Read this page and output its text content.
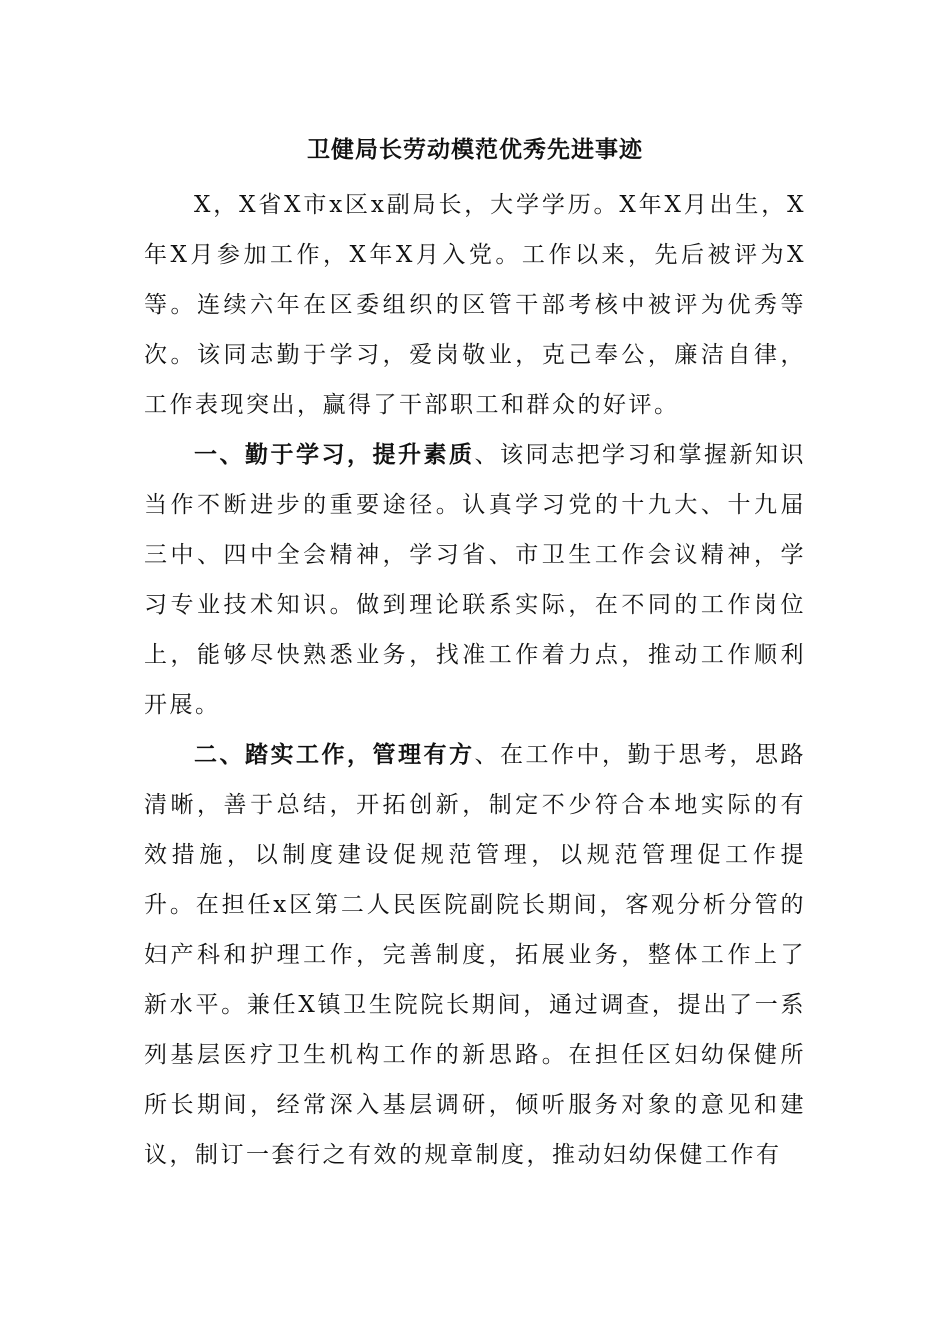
卫健局长劳动模范优秀先进事迹

X，X省X市x区x副局长，大学学历。X年X月出生，X年X月参加工作，X年X月入党。工作以来，先后被评为X等。连续六年在区委组织的区管干部考核中被评为优秀等次。该同志勤于学习，爱岗敬业，克己奉公，廉洁自律，工作表现突出，赢得了干部职工和群众的好评。

一、勤于学习，提升素质、该同志把学习和掌握新知识当作不断进步的重要途径。认真学习党的十九大、十九届三中、四中全会精神，学习省、市卫生工作会议精神，学习专业技术知识。做到理论联系实际，在不同的工作岗位上，能够尽快熟悉业务，找准工作着力点，推动工作顺利开展。

二、踏实工作，管理有方、在工作中，勤于思考，思路清晰，善于总结，开拓创新，制定不少符合本地实际的有效措施，以制度建设促规范管理，以规范管理促工作提升。在担任x区第二人民医院副院长期间，客观分析分管的妇产科和护理工作，完善制度，拓展业务，整体工作上了新水平。兼任X镇卫生院院长期间，通过调查，提出了一系列基层医疗卫生机构工作的新思路。在担任区妇幼保健所所长期间，经常深入基层调研，倾听服务对象的意见和建议，制订一套行之有效的规章制度，推动妇幼保健工作有
